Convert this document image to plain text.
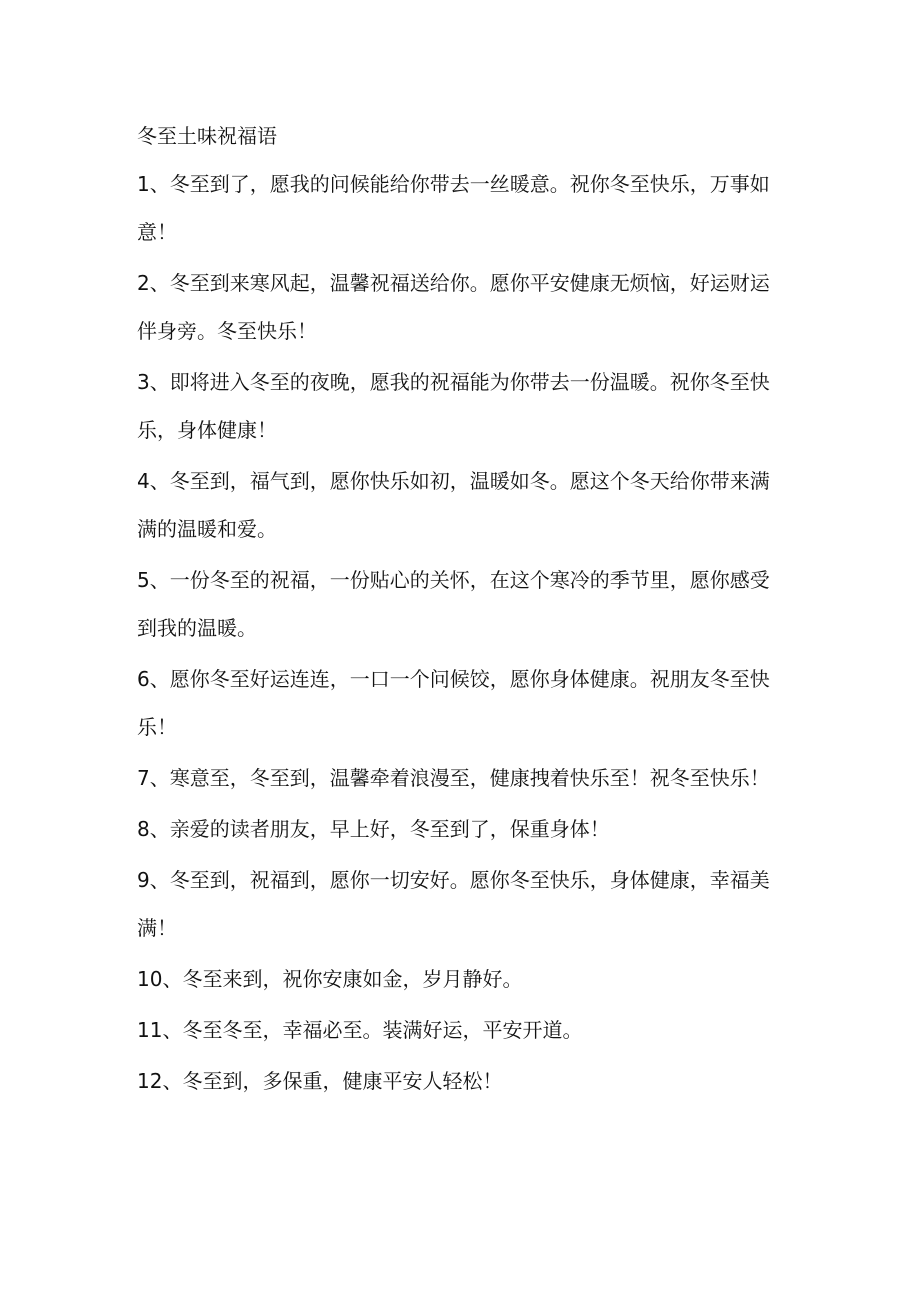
冬至土味祝福语

1、冬至到了，愿我的问候能给你带去一丝暖意。祝你冬至快乐，万事如意！

2、冬至到来寒风起，温馨祝福送给你。愿你平安健康无烦恼，好运财运伴身旁。冬至快乐！

3、即将进入冬至的夜晚，愿我的祝福能为你带去一份温暖。祝你冬至快乐，身体健康！

4、冬至到，福气到，愿你快乐如初，温暖如冬。愿这个冬天给你带来满满的温暖和爱。

5、一份冬至的祝福，一份贴心的关怀，在这个寒冷的季节里，愿你感受到我的温暖。

6、愿你冬至好运连连，一口一个问候饺，愿你身体健康。祝朋友冬至快乐！

7、寒意至，冬至到，温馨牵着浪漫至，健康拽着快乐至！祝冬至快乐！

8、亲爱的读者朋友，早上好，冬至到了，保重身体！

9、冬至到，祝福到，愿你一切安好。愿你冬至快乐，身体健康，幸福美满！

10、冬至来到，祝你安康如金，岁月静好。

11、冬至冬至，幸福必至。装满好运，平安开道。

12、冬至到，多保重，健康平安人轻松！
